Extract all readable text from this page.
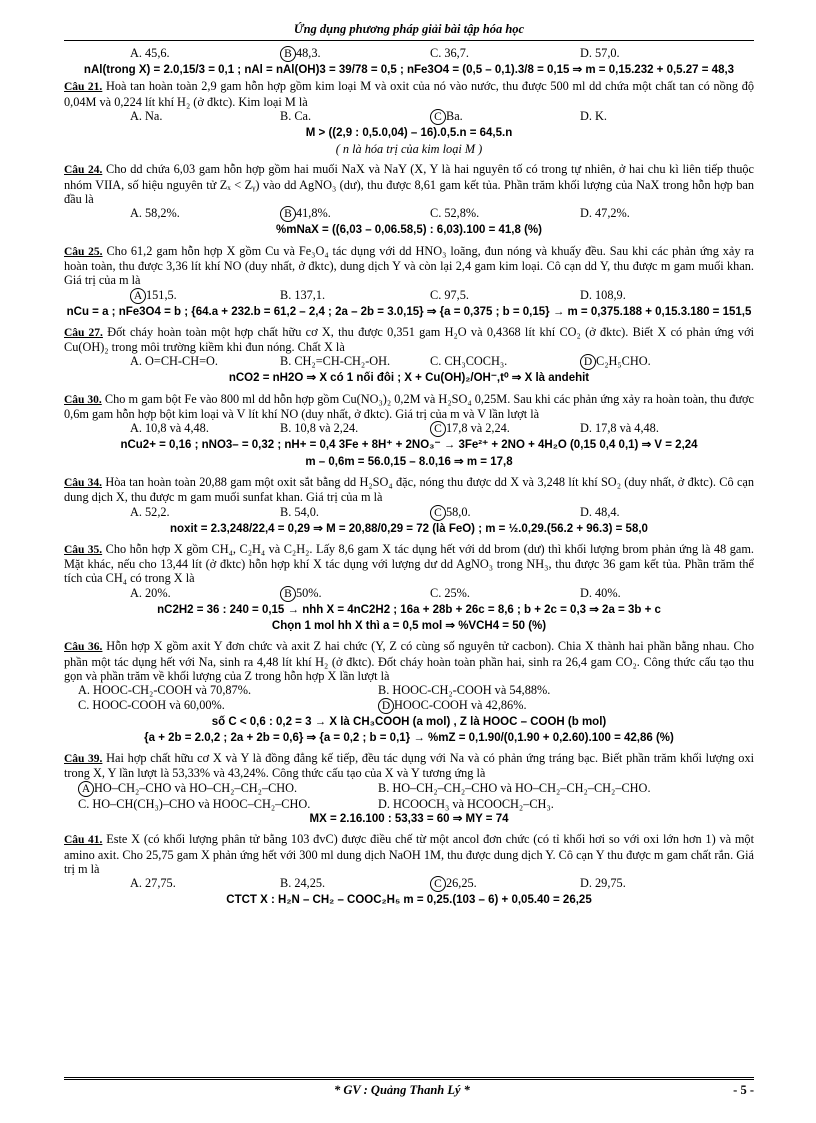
Ứng dụng phương pháp giải bài tập hóa học
A. 45,6.	B 48,3.	C. 36,7.	D. 57,0.
nAl(trong X) = 2.0,15/3 = 0,1 ; nAl = nAl(OH)3 = 39/78 = 0,5 ; nFe3O4 = (0,5 – 0,1).3/8 = 0,15 ⇒ m = 0,15.232 + 0,5.27 = 48,3

Câu 21. Hoà tan hoàn toàn 2,9 gam hỗn hợp gồm kim loại M và oxit của nó vào nước, thu được 500 ml dd chứa một chất tan có nồng độ 0,04M và 0,224 lít khí H₂ (ở đktc). Kim loại M là

A. Na.	B. Ca.	C Ba.	D. K.
M > ((2,9 : 0,5.0,04) – 16).0,5.n = 64,5.n
( n là hóa trị của kim loại M )

Câu 24. Cho dd chứa 6,03 gam hỗn hợp gồm hai muối NaX và NaY (X, Y là hai nguyên tố có trong tự nhiên, ở hai chu kì liên tiếp thuộc nhóm VIIA, số hiệu nguyên tử Zₓ < Zᵧ) vào dd AgNO₃ (dư), thu được 8,61 gam kết tủa. Phần trăm khối lượng của NaX trong hỗn hợp ban đầu là

A. 58,2%.	B 41,8%.	C. 52,8%.	D. 47,2%.
%mNaX = ((6,03 – 0,06.58,5) : 6,03).100 = 41,8 (%)

Câu 25. Cho 61,2 gam hỗn hợp X gồm Cu và Fe₃O₄ tác dụng với dd HNO₃ loãng, đun nóng và khuấy đều. Sau khi các phản ứng xảy ra hoàn toàn, thu được 3,36 lít khí NO (duy nhất, ở đktc), dung dịch Y và còn lại 2,4 gam kim loại. Cô cạn dd Y, thu được m gam muối khan. Giá trị của m là

A 151,5.	B. 137,1.	C. 97,5.	D. 108,9.
nCu = a ; nFe3O4 = b ; {64.a + 232.b = 61,2 – 2,4 ; 2a – 2b = 3.0,15} ⇒ {a = 0,375 ; b = 0,15} → m = 0,375.188 + 0,15.3.180 = 151,5

Câu 27. Đốt cháy hoàn toàn một hợp chất hữu cơ X, thu được 0,351 gam H₂O và 0,4368 lít khí CO₂ (ở đktc). Biết X có phản ứng với Cu(OH)₂ trong môi trường kiềm khi đun nóng. Chất X là

A. O=CH-CH=O.	B. CH₂=CH-CH₂-OH.	C. CH₃COCH₃.	D C₂H₅CHO.
nCO2 = nH2O ⇒ X có 1 nối đôi ; X + Cu(OH)₂/OH⁻,t⁰ ⇒ X là andehit

Câu 30. Cho m gam bột Fe vào 800 ml dd hỗn hợp gồm Cu(NO₃)₂ 0,2M và H₂SO₄ 0,25M. Sau khi các phản ứng xảy ra hoàn toàn, thu được 0,6m gam hỗn hợp bột kim loại và V lít khí NO (duy nhất, ở đktc). Giá trị của m và V lần lượt là

A. 10,8 và 4,48.	B. 10,8 và 2,24.	C 17,8 và 2,24.	D. 17,8 và 4,48.
nCu2+ = 0,16 ; nNO3– = 0,32 ; nH+ = 0,4 3Fe + 8H⁺ + 2NO₃⁻ → 3Fe²⁺ + 2NO + 4H₂O (0,15 0,4 0,1) ⇒ V = 2,24
m – 0,6m = 56.0,15 – 8.0,16 ⇒ m = 17,8

Câu 34. Hòa tan hoàn toàn 20,88 gam một oxit sắt bằng dd H₂SO₄ đặc, nóng thu được dd X và 3,248 lít khí SO₂ (duy nhất, ở đktc). Cô cạn dung dịch X, thu được m gam muối sunfat khan. Giá trị của m là

A. 52,2.	B. 54,0.	C 58,0.	D. 48,4.
noxit = 2.3,248/22,4 = 0,29 ⇒ M = 20,88/0,29 = 72 (là FeO) ; m = ½.0,29.(56.2 + 96.3) = 58,0

Câu 35. Cho hỗn hợp X gồm CH₄, C₂H₄ và C₂H₂. Lấy 8,6 gam X tác dụng hết với dd brom (dư) thì khối lượng brom phản ứng là 48 gam. Mặt khác, nếu cho 13,44 lít (ở đktc) hỗn hợp khí X tác dụng với lượng dư dd AgNO₃ trong NH₃, thu được 36 gam kết tủa. Phần trăm thể tích của CH₄ có trong X là

A. 20%.	B 50%.	C. 25%.	D. 40%.
nC2H2 = 36 : 240 = 0,15 → nhh X = 4nC2H2 ; 16a + 28b + 26c = 8,6 ; b + 2c = 0,3 ⇒ 2a = 3b + c
Chọn 1 mol hh X thì a = 0,5 mol ⇒ %VCH4 = 50 (%)

Câu 36. Hỗn hợp X gồm axit Y đơn chức và axit Z hai chức (Y, Z có cùng số nguyên tử cacbon). Chia X thành hai phần bằng nhau. Cho phần một tác dụng hết với Na, sinh ra 4,48 lít khí H₂ (ở đktc). Đốt cháy hoàn toàn phần hai, sinh ra 26,4 gam CO₂. Công thức cấu tạo thu gọn và phần trăm về khối lượng của Z trong hỗn hợp X lần lượt là

A. HOOC-CH₂-COOH và 70,87%.	B. HOOC-CH₂-COOH và 54,88%.
C. HOOC-COOH và 60,00%.	D HOOC-COOH và 42,86%.
số C < 0,6 : 0,2 = 3 → X là CH₃COOH (a mol) , Z là HOOC – COOH (b mol)
{a + 2b = 2.0,2 ; 2a + 2b = 0,6} ⇒ {a = 0,2 ; b = 0,1} → %mZ = 0,1.90/(0,1.90 + 0,2.60).100 = 42,86 (%)

Câu 39. Hai hợp chất hữu cơ X và Y là đồng đẳng kế tiếp, đều tác dụng với Na và có phản ứng tráng bạc. Biết phần trăm khối lượng oxi trong X, Y lần lượt là 53,33% và 43,24%. Công thức cấu tạo của X và Y tương ứng là

A HO–CH₂–CHO và HO–CH₂–CH₂–CHO.	B. HO–CH₂–CH₂–CHO và HO–CH₂–CH₂–CH₂–CHO.
C. HO–CH(CH₃)–CHO và HOOC–CH₂–CHO.	D. HCOOCH₃ và HCOOCH₂–CH₃.
MX = 2.16.100 : 53,33 = 60 ⇒ MY = 74

Câu 41. Este X (có khối lượng phân tử bằng 103 đvC) được điều chế từ một ancol đơn chức (có tỉ khối hơi so với oxi lớn hơn 1) và một amino axit. Cho 25,75 gam X phản ứng hết với 300 ml dung dịch NaOH 1M, thu được dung dịch Y. Cô cạn Y thu được m gam chất rắn. Giá trị m là

A. 27,75.	B. 24,25.	C 26,25.	D. 29,75.
CTCT X : H₂N – CH₂ – COOC₂H₅ m = 0,25.(103 – 6) + 0,05.40 = 26,25
* GV : Quảng Thanh Lý *	- 5 -
